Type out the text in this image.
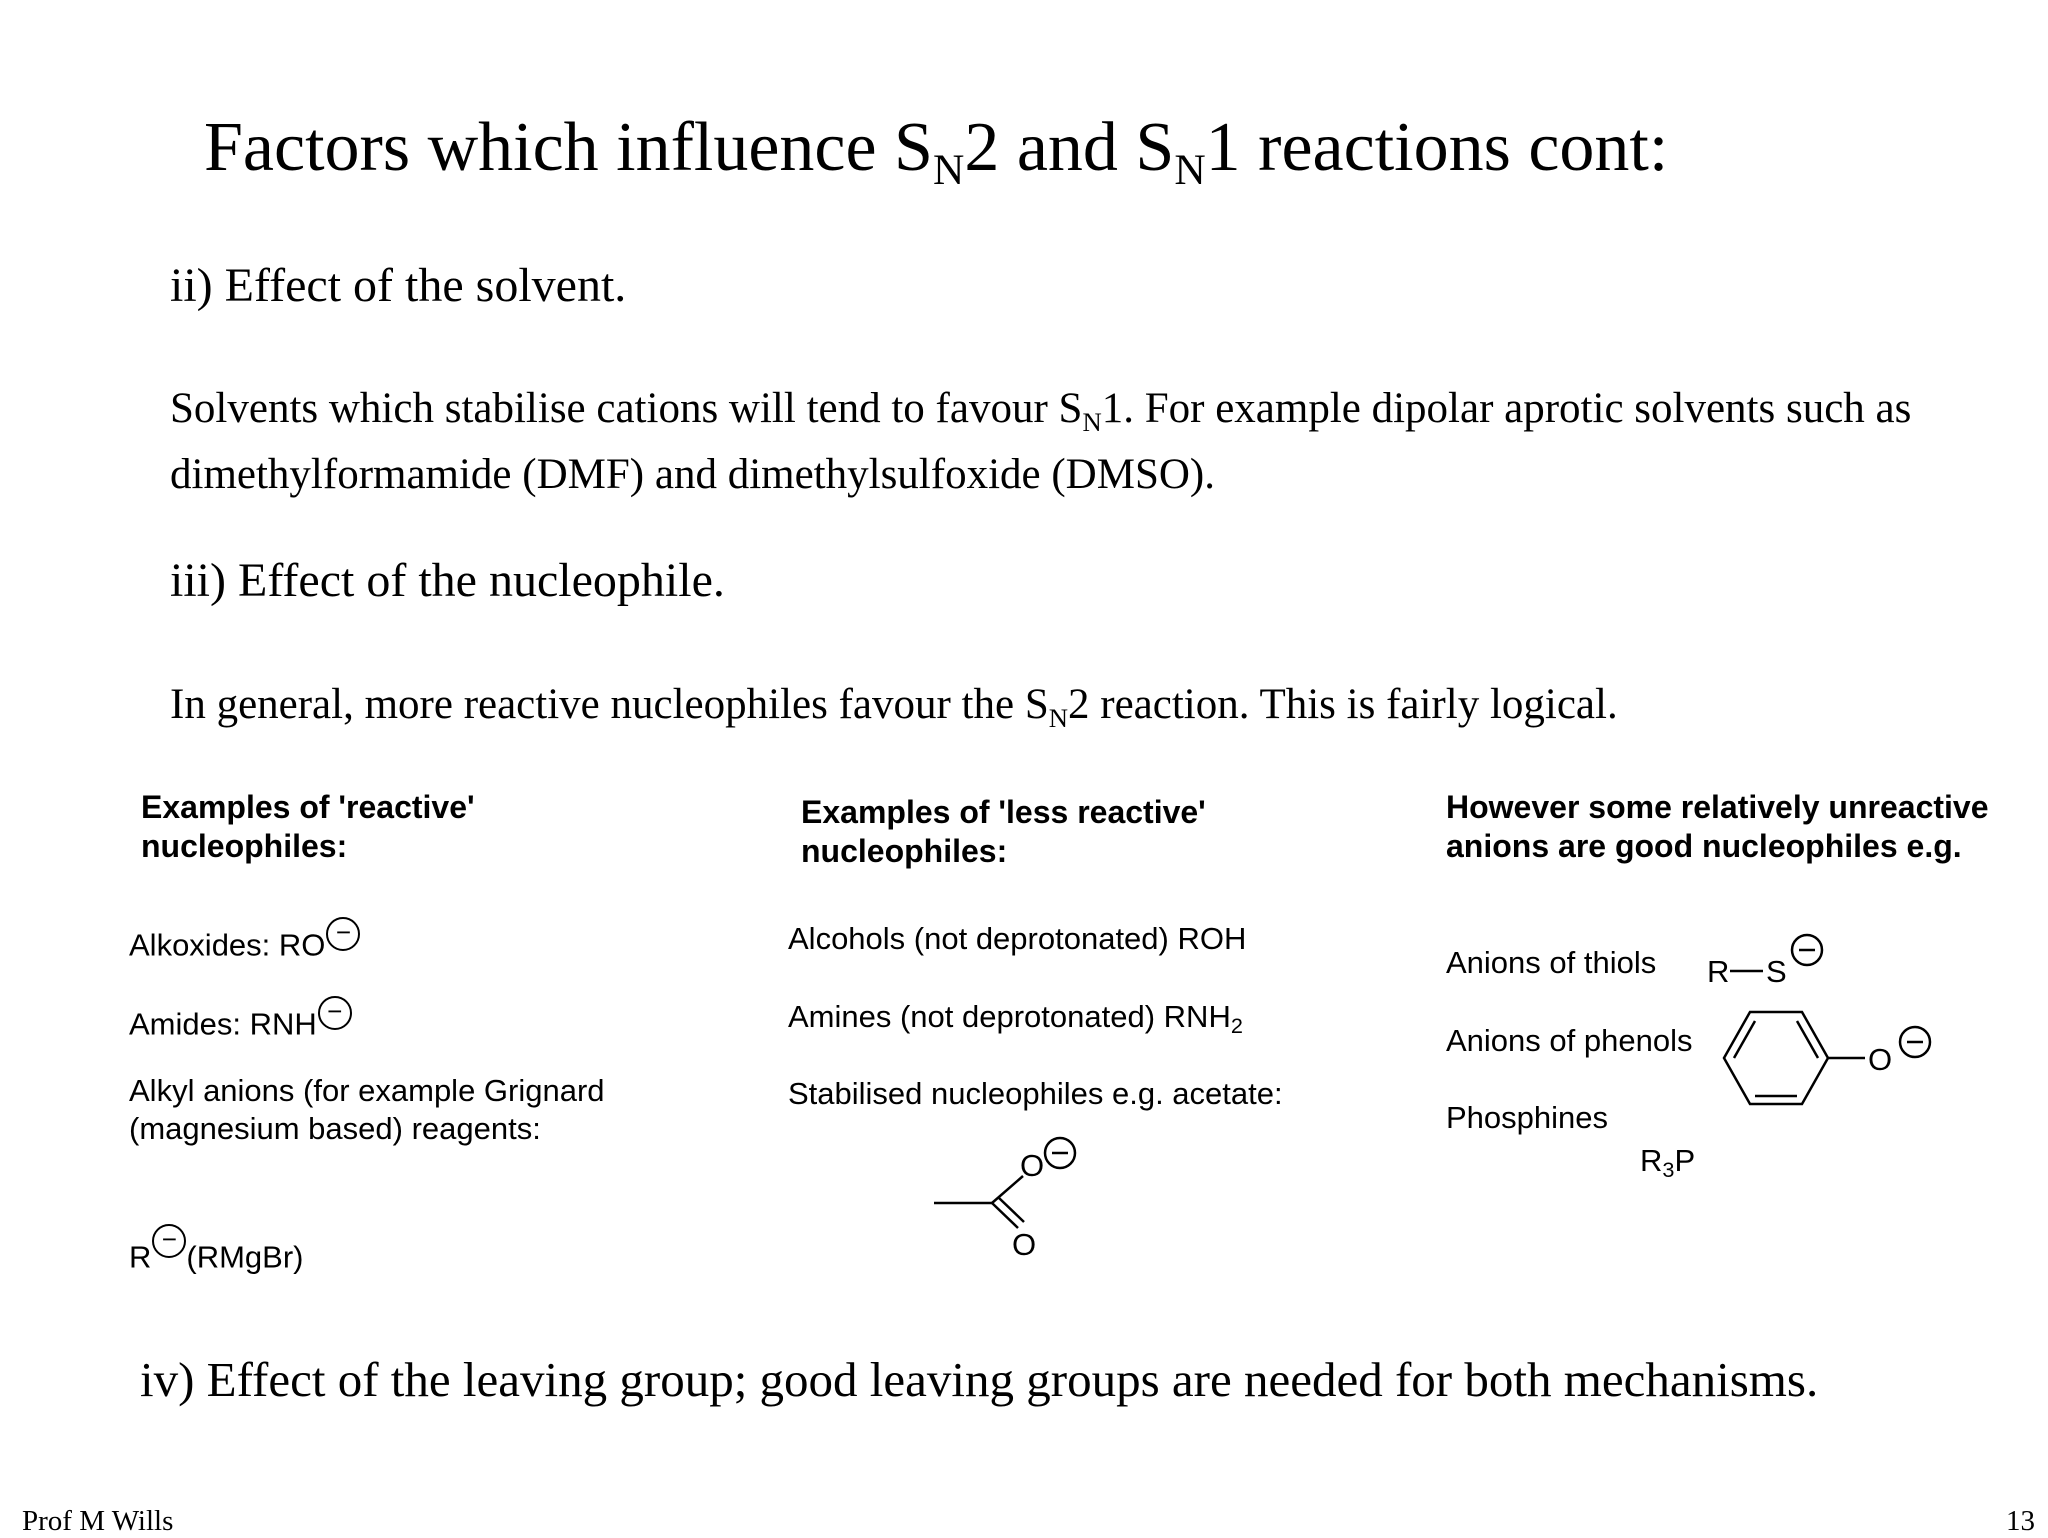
Factors which influence SN2 and SN1 reactions cont:
ii) Effect of the solvent.
Solvents which stabilise cations will tend to favour SN1. For example dipolar aprotic solvents such as dimethylformamide (DMF) and dimethylsulfoxide (DMSO).
iii) Effect of the nucleophile.
In general, more reactive nucleophiles favour the SN2 reaction. This is fairly logical.
Examples of 'reactive' nucleophiles:
Alkoxides: RO −
Amides: RNH −
Alkyl anions (for example Grignard (magnesium based) reagents:
R−(RMgBr)
Examples of 'less reactive' nucleophiles:
Alcohols (not deprotonated) ROH
Amines (not deprotonated) RNH2
Stabilised nucleophiles e.g. acetate:
O
O
However some relatively unreactive anions are good nucleophiles e.g.
Anions of thiols
Anions of phenols
Phosphines
R S
O
R3P
iv) Effect of the leaving group; good leaving groups are needed for both mechanisms.
Prof M Wills	13
